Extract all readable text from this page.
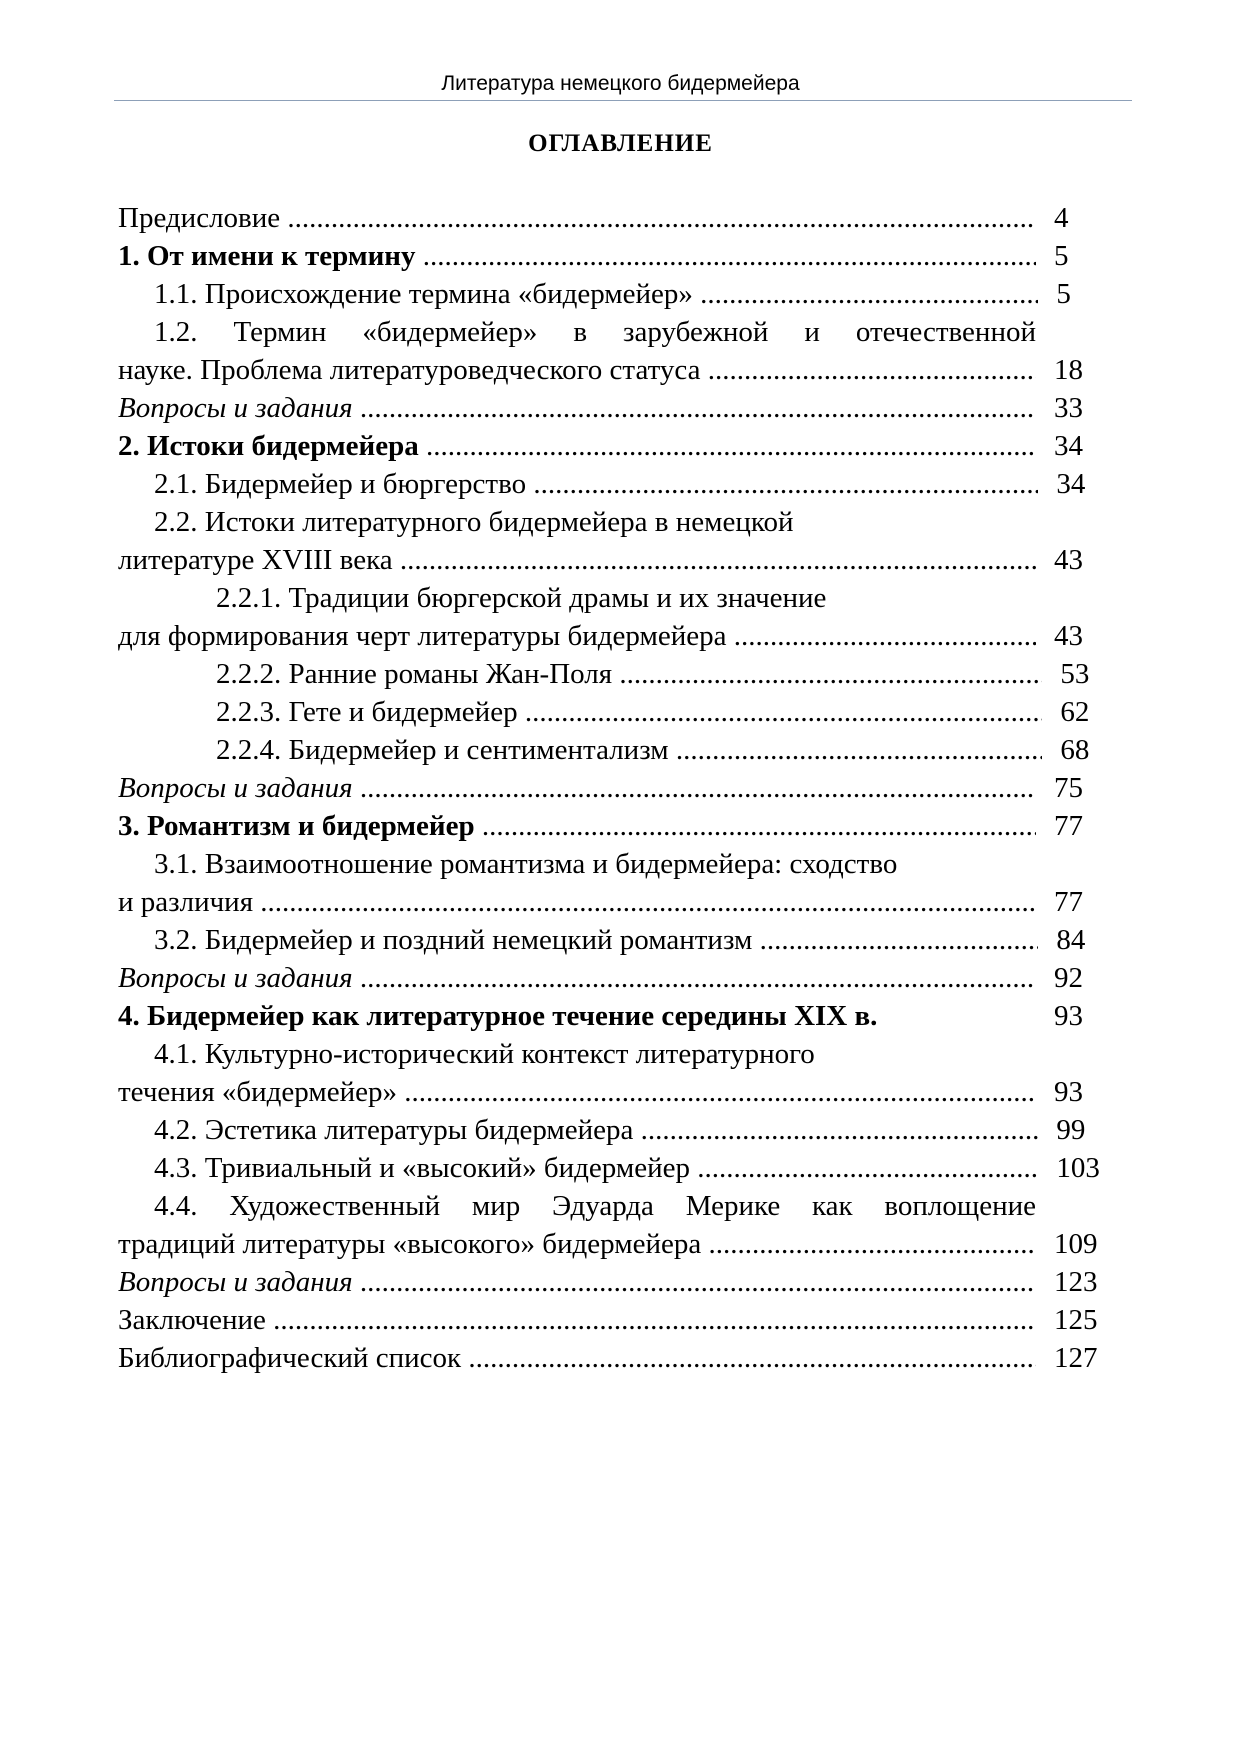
Литература немецкого бидермейера
ОГЛАВЛЕНИЕ
Предисловие .....	4
1. От имени к термину .....	5
1.1. Происхождение термина «бидермейер» .....	5
1.2. Термин «бидермейер» в зарубежной и отечественной
науке. Проблема литературоведческого статуса .....	18
Вопросы и задания .....	33
2. Истоки бидермейера .....	34
2.1. Бидермейер и бюргерство .....	34
2.2. Истоки литературного бидермейера в немецкой
литературе XVIII века .....	43
2.2.1. Традиции бюргерской драмы и их значение
для формирования черт литературы бидермейера .....	43
2.2.2. Ранние романы Жан-Поля .....	53
2.2.3. Гете и бидермейер .....	62
2.2.4. Бидермейер и сентиментализм .....	68
Вопросы и задания .....	75
3. Романтизм и бидермейер .....	77
3.1. Взаимоотношение романтизма и бидермейера: сходство
и различия .....	77
3.2. Бидермейер и поздний немецкий романтизм .....	84
Вопросы и задания .....	92
4. Бидермейер как литературное течение середины XIX в.	93
4.1. Культурно-исторический контекст литературного
течения «бидермейер» .....	93
4.2. Эстетика литературы бидермейера .....	99
4.3. Тривиальный и «высокий» бидермейер .....	103
4.4. Художественный мир Эдуарда Мерике как воплощение
традиций литературы «высокого» бидермейера .....	109
Вопросы и задания .....	123
Заключение .....	125
Библиографический список .....	127
